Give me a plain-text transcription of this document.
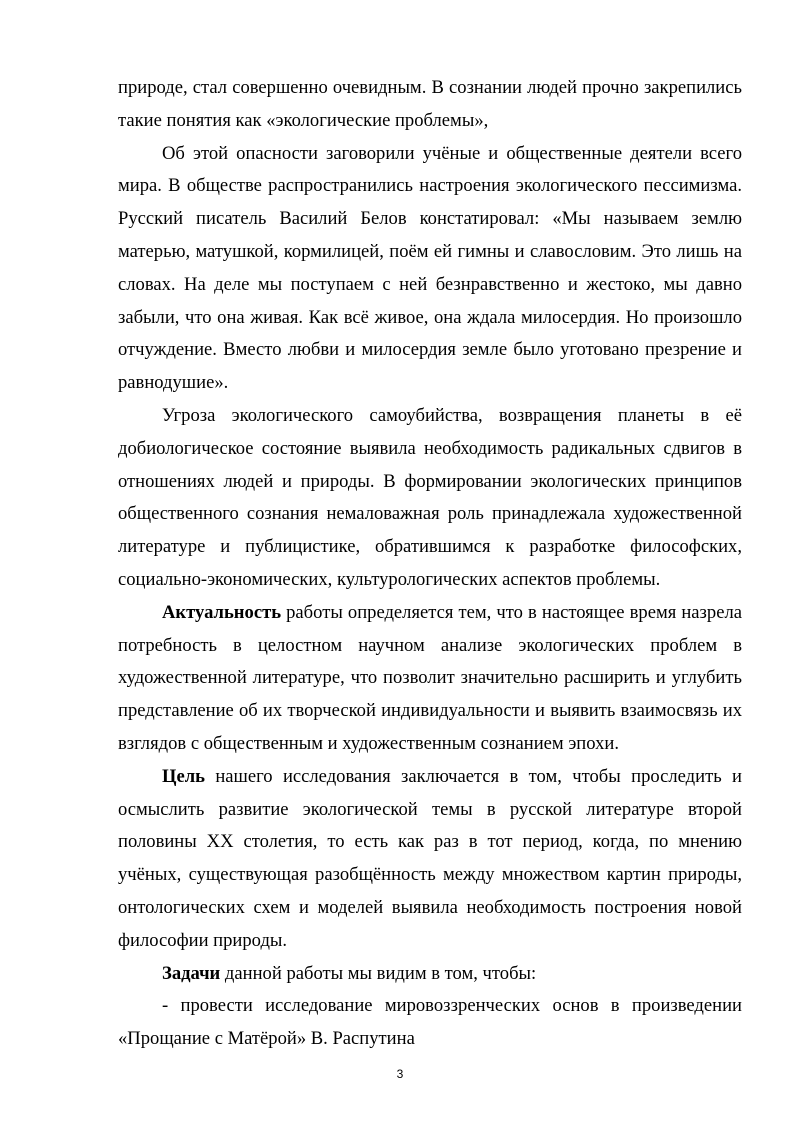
природе, стал совершенно очевидным. В сознании людей прочно закрепились такие понятия как «экологические проблемы»,

Об этой опасности заговорили учёные и общественные деятели всего мира. В обществе распространились настроения экологического пессимизма. Русский писатель Василий Белов констатировал: «Мы называем землю матерью, матушкой, кормилицей, поём ей гимны и славословим. Это лишь на словах. На деле мы поступаем с ней безнравственно и жестоко, мы давно забыли, что она живая. Как всё живое, она ждала милосердия. Но произошло отчуждение. Вместо любви и милосердия земле было уготовано презрение и равнодушие».

Угроза экологического самоубийства, возвращения планеты в её добиологическое состояние выявила необходимость радикальных сдвигов в отношениях людей и природы. В формировании экологических принципов общественного сознания немаловажная роль принадлежала художественной литературе и публицистике, обратившимся к разработке философских, социально-экономических, культурологических аспектов проблемы.

Актуальность работы определяется тем, что в настоящее время назрела потребность в целостном научном анализе экологических проблем в художественной литературе, что позволит значительно расширить и углубить представление об их творческой индивидуальности и выявить взаимосвязь их взглядов с общественным и художественным сознанием эпохи.

Цель нашего исследования заключается в том, чтобы проследить и осмыслить развитие экологической темы в русской литературе второй половины XX столетия, то есть как раз в тот период, когда, по мнению учёных, существующая разобщённость между множеством картин природы, онтологических схем и моделей выявила необходимость построения новой философии природы.

Задачи данной работы мы видим в том, чтобы:

- провести исследование мировоззренческих основ в произведении «Прощание с Матёрой» В. Распутина

3
